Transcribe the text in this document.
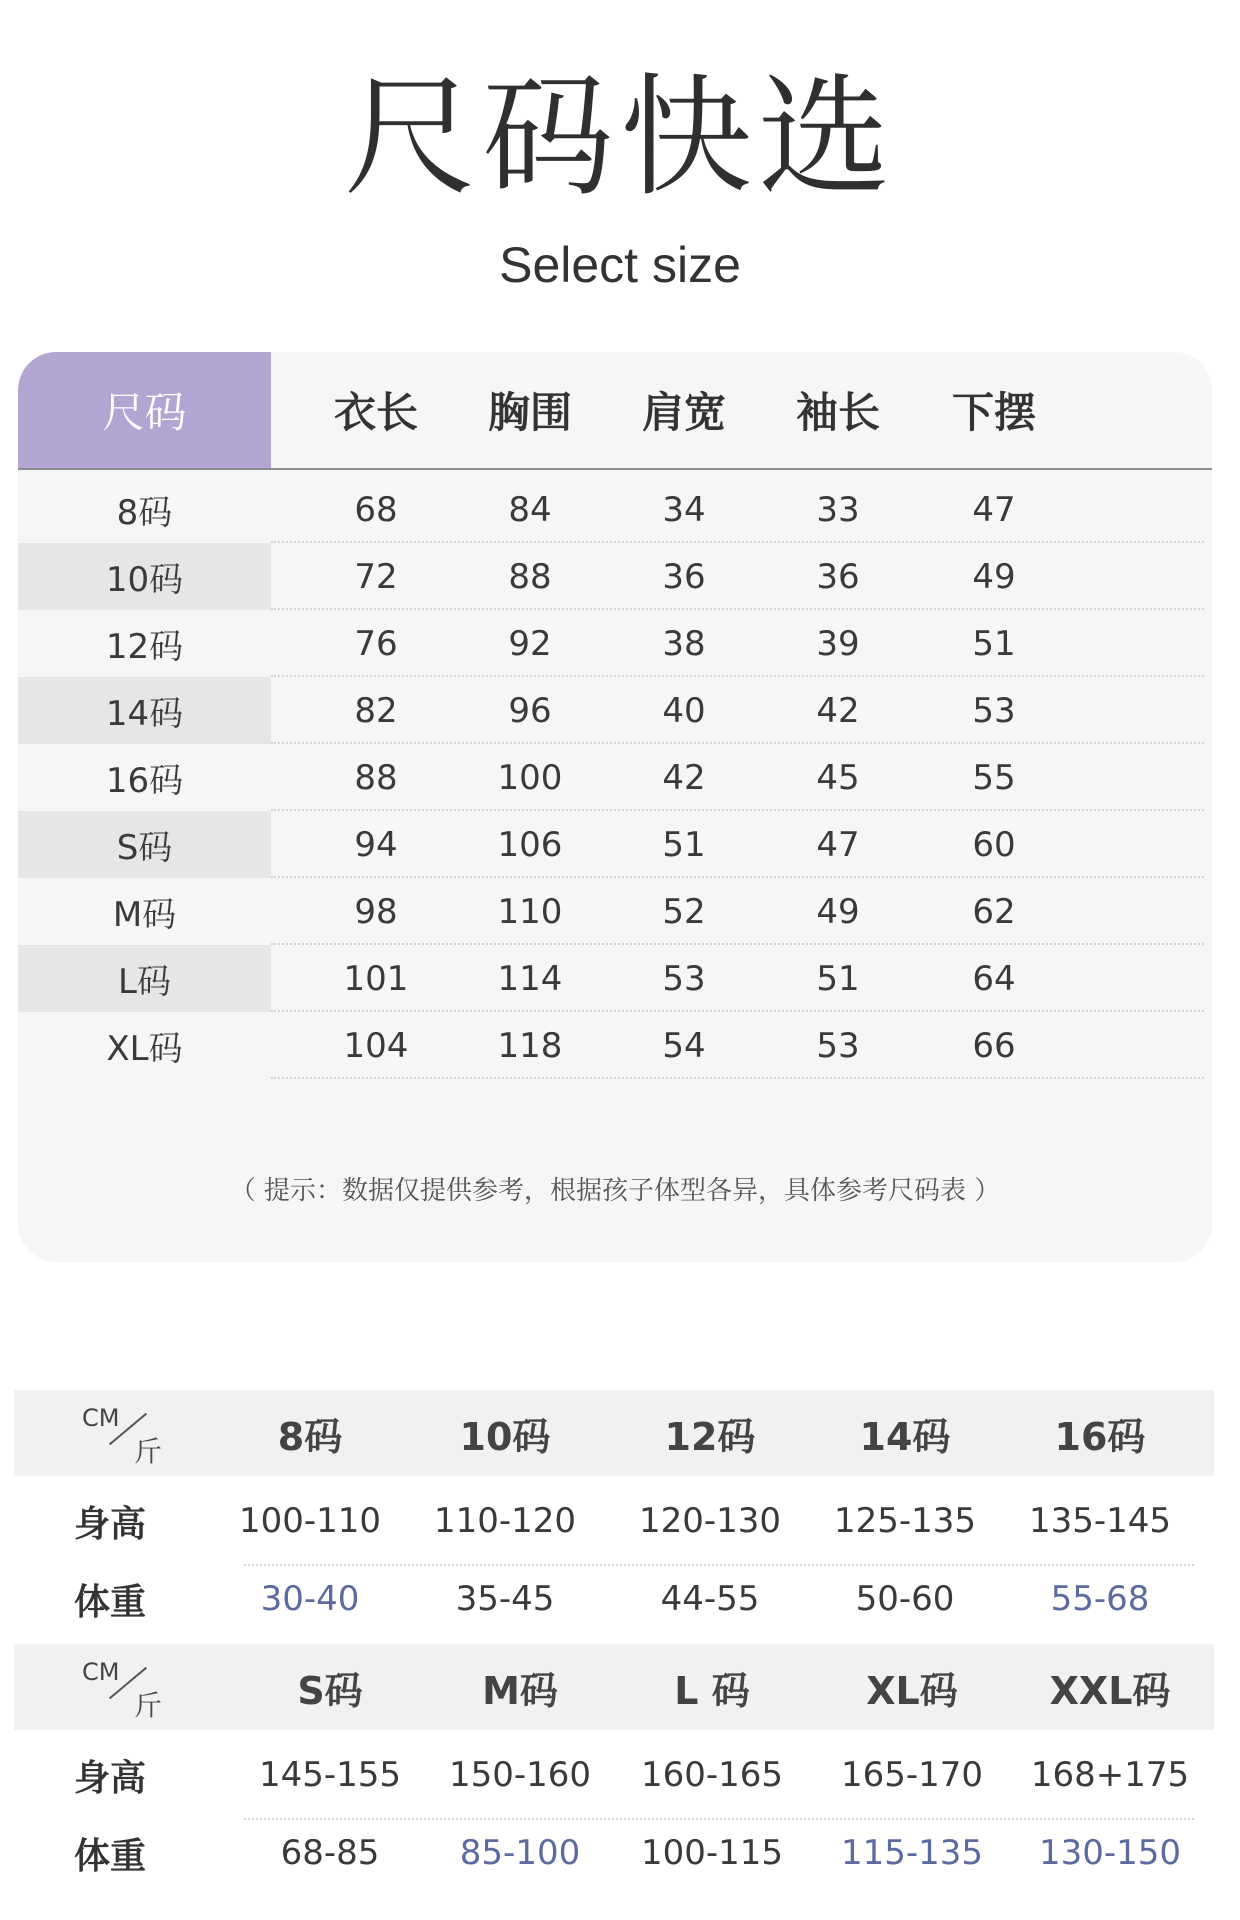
尺码快选
Select size
尺码	衣长	胸围	肩宽	袖长	下摆
8码	68	84	34	33	47
10码	72	88	36	36	49
12码	76	92	38	39	51
14码	82	96	40	42	53
16码	88	100	42	45	55
S码	94	106	51	47	60
M码	98	110	52	49	62
L码	101	114	53	51	64
XL码	104	118	54	53	66
（ 提示：数据仅提供参考，根据孩子体型各异，具体参考尺码表 ）
CM
斤	8码	10码	12码	14码	16码
身高	100-110	110-120	120-130	125-135	135-145
体重	30-40	35-45	44-55	50-60	55-68
CM
斤	S码	M码	L 码	XL码	XXL码
身高	145-155	150-160	160-165	165-170	168+175
体重	68-85	85-100	100-115	115-135	130-150
